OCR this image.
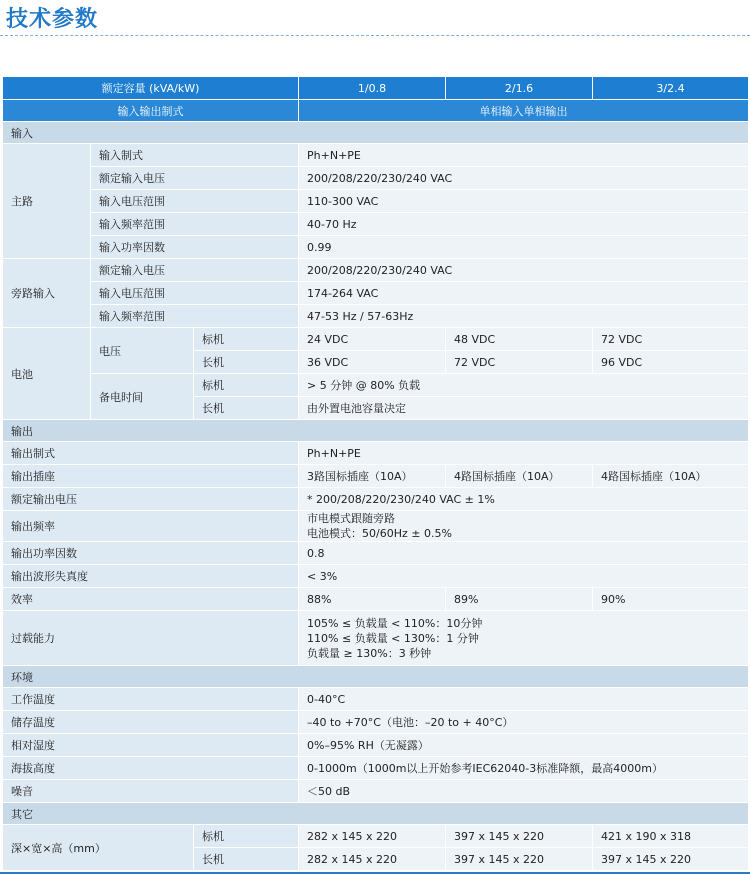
技术参数
额定容量 (kVA/kW)			1/0.8	2/1.6	3/2.4
输入输出制式			单相输入单相输出		
输入					
主路	输入制式		Ph+N+PE		
	额定输入电压		200/208/220/230/240 VAC		
	输入电压范围		110-300 VAC		
	输入频率范围		40-70 Hz		
	输入功率因数		0.99		
旁路输入	额定输入电压		200/208/220/230/240 VAC		
	输入电压范围		174-264 VAC		
	输入频率范围		47-53 Hz / 57-63Hz		
电池	电压	标机	24 VDC	48 VDC	72 VDC
		长机	36 VDC	72 VDC	96 VDC
	备电时间	标机	> 5 分钟 @ 80% 负载		
		长机	由外置电池容量决定		
输出					
输出制式			Ph+N+PE		
输出插座			3路国标插座（10A）	4路国标插座（10A）	4路国标插座（10A）
额定输出电压			* 200/208/220/230/240 VAC ± 1%		
输出频率			市电模式跟随旁路
电池模式：50/60Hz ± 0.5%		

输出功率因数			0.8		
输出波形失真度			< 3%		
效率			88%	89%	90%
过载能力			105% ≤ 负载量 < 110%：10分钟
110% ≤ 负载量 < 130%：1 分钟
负载量 ≥ 130%：3 秒钟		

环境					
工作温度			0-40°C		
储存温度			–40 to +70°C（电池：–20 to + 40°C）		
相对湿度			0%–95% RH（无凝露）		
海拔高度			0-1000m（1000m以上开始参考IEC62040-3标准降额，最高4000m）		
噪音			＜50 dB		
其它					
深×宽×高（mm）		标机	282 x 145 x 220	397 x 145 x 220	421 x 190 x 318
		长机	282 x 145 x 220	397 x 145 x 220	397 x 145 x 220
